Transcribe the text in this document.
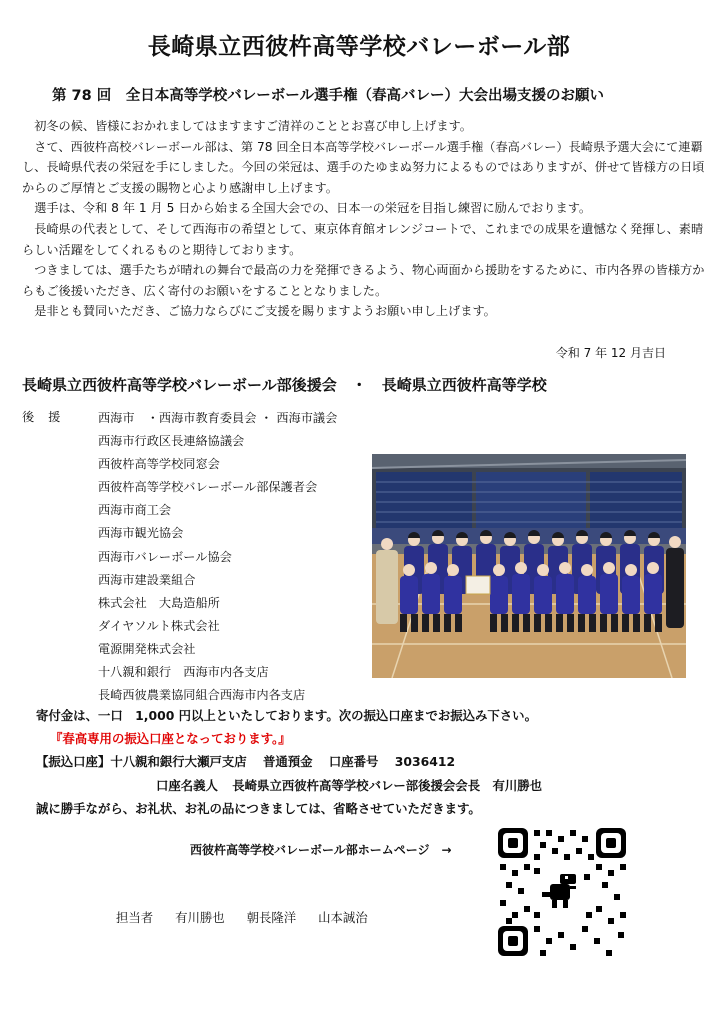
長崎県立西彼杵高等学校バレーボール部
第 78 回　全日本高等学校バレーボール選手権（春高バレー）大会出場支援のお願い

初冬の候、皆様におかれましてはますますご清祥のこととお喜び申し上げます。

さて、西彼杵高校バレーボール部は、第 78 回全日本高等学校バレーボール選手権（春高バレー）長崎県予選大会にて連覇し、長崎県代表の栄冠を手にしました。今回の栄冠は、選手のたゆまぬ努力によるものではありますが、併せて皆様方の日頃からのご厚情とご支援の賜物と心より感謝申し上げます。

選手は、令和 8 年 1 月 5 日から始まる全国大会での、日本一の栄冠を目指し練習に励んでおります。

長崎県の代表として、そして西海市の希望として、東京体育館オレンジコートで、これまでの成果を遺憾なく発揮し、素晴らしい活躍をしてくれるものと期待しております。

つきましては、選手たちが晴れの舞台で最高の力を発揮できるよう、物心両面から援助をするために、市内各界の皆様方からもご後援いただき、広く寄付のお願いをすることとなりました。

是非とも賛同いただき、ご協力ならびにご支援を賜りますようお願い申し上げます。

令和 7 年 12 月吉日
長崎県立西彼杵高等学校バレーボール部後援会　・　長崎県立西彼杵高等学校
後援	西海市　・西海市教育委員会 ・ 西海市議会
西海市行政区長連絡協議会
西彼杵高等学校同窓会
西彼杵高等学校バレーボール部保護者会
西海市商工会
西海市観光協会
西海市バレーボール協会
西海市建設業組合
株式会社　大島造船所
ダイヤソルト株式会社
電源開発株式会社
十八親和銀行　西海市内各支店
長崎西彼農業協同組合西海市内各支店
寄付金は、一口　1,000 円以上といたしております。次の振込口座までお振込み下さい。
『春高専用の振込口座となっております。』
【振込口座】十八親和銀行大瀬戸支店 普通預金 口座番号 3036412
口座名義人 長崎県立西彼杵高等学校バレー部後援会会長　有川勝也
誠に勝手ながら、お礼状、お礼の品につきましては、省略させていただきます。
西彼杵高等学校バレーボール部ホームページ　→
担当者 有川勝也 朝長隆洋 山本誠治
